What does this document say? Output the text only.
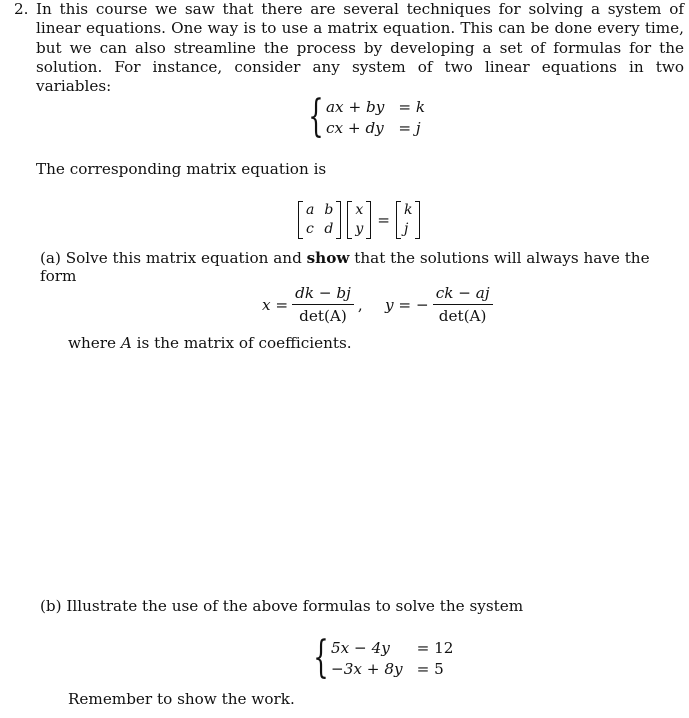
2. In this course we saw that there are several techniques for solving a system of linear equations. One way is to use a matrix equation. This can be done every time, but we can also streamline the process by developing a set of formulas for the solution. For instance, consider any system of two linear equations in two variables:
{ ax + by = k
cx + dy = j
The corresponding matrix equation is
a b
c d
x
y =
k
j
(a) Solve this matrix equation and show that the solutions will always have the form
$x = \frac{dk - bj}{\det(A)}$ , y = − $\frac{ck - aj}{\det(A)}$
where A is the matrix of coefficients.
(b) Illustrate the use of the above formulas to solve the system
{ 5x − 4y	= 12
−3x + 8y = 5
Remember to show the work.
